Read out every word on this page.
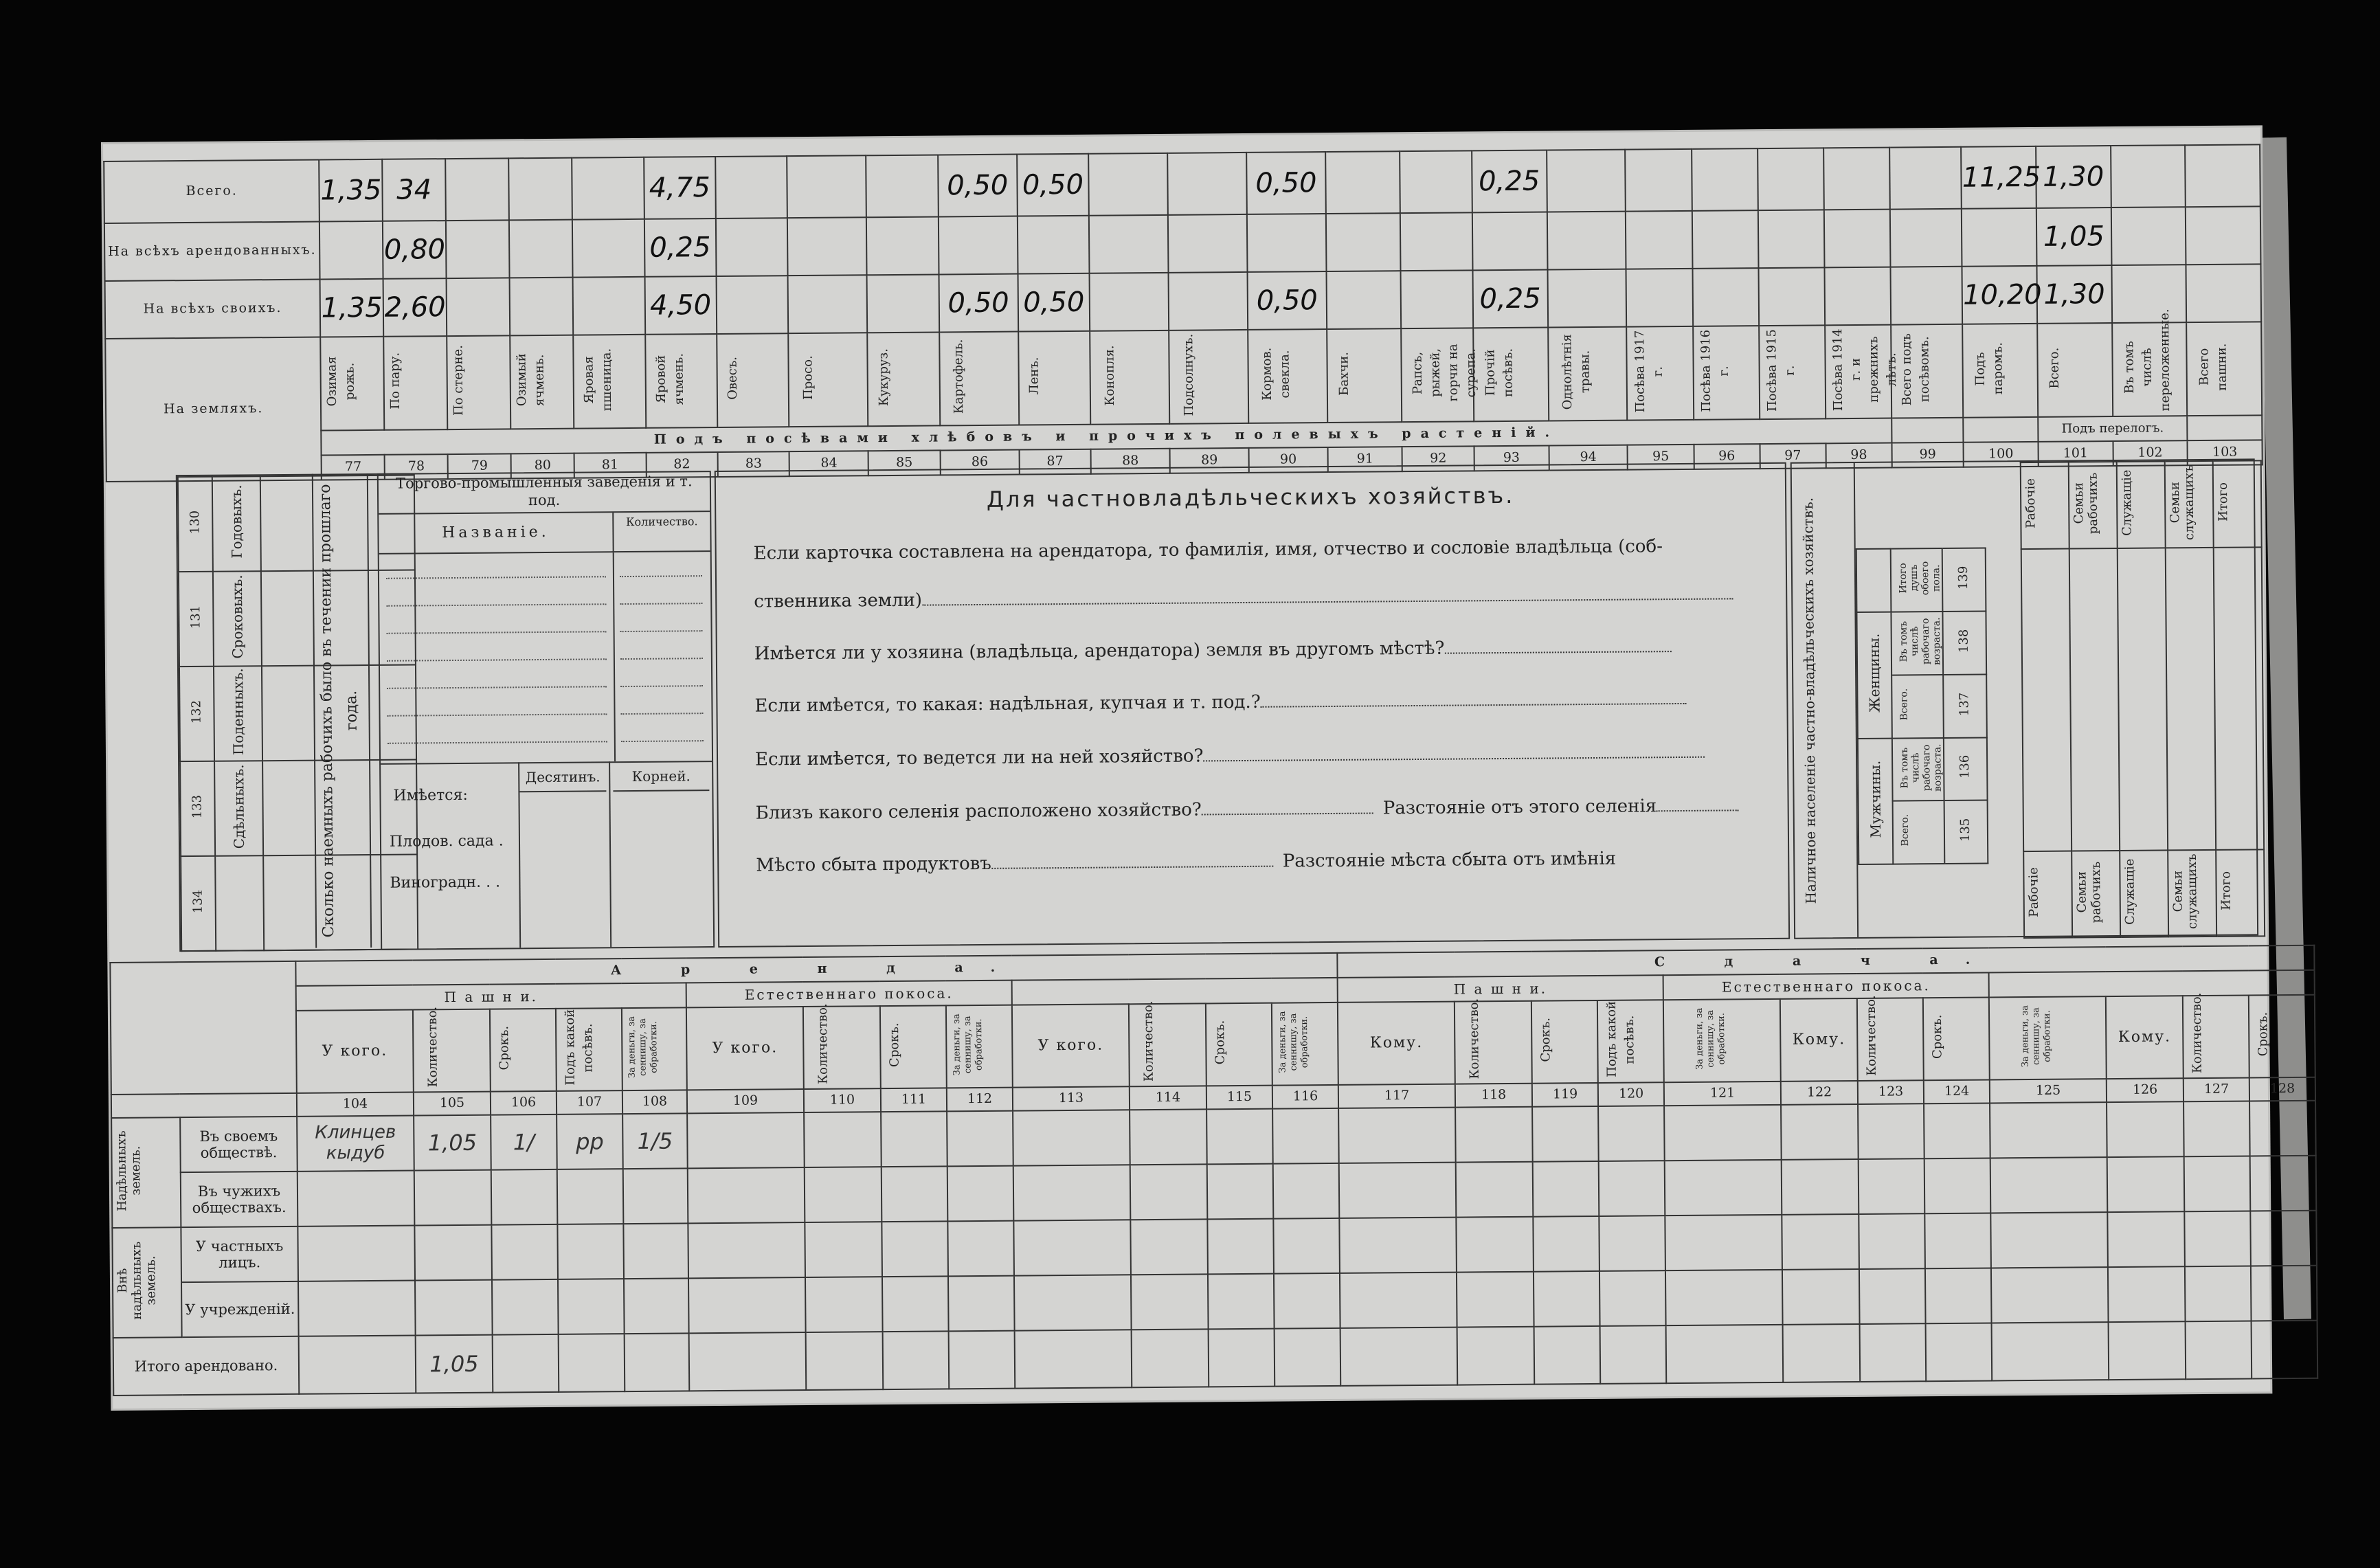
Всего.	1,35	34				4,75				0,50	0,50			0,50			0,25							11,25	1,30		
На всѣхъ арендованныхъ.		0,80				0,25																			1,05		
На всѣхъ своихъ.	1,35	2,60				4,50				0,50	0,50			0,50			0,25							10,20	1,30		
На земляхъ.	Озимая рожь.	По пару.	По стерне.	Озимый ячмень.	Яровая пшеница.	Яровой ячмень.	Овесъ.	Просо.	Кукуруз.	Картофель.	Ленъ.	Конопля.	Подсолнухъ.	Кормов. свекла.	Бахчи.	Рапсъ, рыжей, горчи на сурепа.	Прочій посѣвъ.	Однолѣтнія травы.	Посѣва 1917 г.	Посѣва 1916 г.	Посѣва 1915 г.	Посѣва 1914 г. и прежнихъ лѣтъ.	Всего подъ посѣвомъ.	Подъ паромъ.	Всего.	Въ томъ числѣ переложенные.	Всего пашни.
	Подъ посѣвами хлѣбовъ и прочихъ полевыхъ растеній.																								Подъ перелогъ.		
	77	78	79	80	81	82	83	84	85	86	87	88	89	90	91	92	93	94	95	96	97	98	99	100	101	102	103
130	Годовыхъ.	
131	Сроковыхъ.	
132	Поденныхъ.	
133	Сдѣльныхъ.	
134			Сколько наемныхъ рабочихъ было въ течении прошлаго года.
Торгово-промышленныя заведенія и т. под.
Названіе.
Количество.
Имѣется:
Десятинъ.	Корней.
Плодов. сада .
Виноградн. . .
Для частновладѣльческихъ хозяйствъ.
Если карточка составлена на арендатора, то фамилія, имя, отчество и сословіе владѣльца (соб-
ственника земли)
Имѣется ли у хозяина (владѣльца, арендатора) земля въ другомъ мѣстѣ?
Если имѣется, то какая: надѣльная, купчая и т. под.?
Если имѣется, то ведется ли на ней хозяйство?
Близъ какого селенія расположено хозяйство?	Разстояніе отъ этого селенія
Мѣсто сбыта продуктовъ	Разстояніе мѣста сбыта отъ имѣнія	Наличное населеніе частно-владѣльческихъ хозяйствъ.
		Итого душъ обоего пола.	139
Женщины.	Въ томъ числѣ рабочаго возраста.	138
	Всего.	137
Мужчины.	Въ томъ числѣ рабочаго возраста.	136
	Всего.	135
Рабочіе	Семьи рабочихъ	Служащіе	Семьи служащихъ	Итого

Рабочіе	Семьи рабочихъ	Служащіе	Семьи служащихъ	Итого
		А р е н д а.													С д а ч а.											
		П а ш н и.					Естественнаго покоса.								П а ш н и.				Естественнаго покоса.							
		У кого.	Количество.	Срокъ.	Подъ какой посѣвъ.	За деньги, за сеннишу, за обработки.	У кого.	Количество.	Срокъ.	За деньги, за сеннишу, за обработки.	У кого.	Количество.	Срокъ.	За деньги, за сеннишу, за обработки.	Кому.	Количество.	Срокъ.	Подъ какой посѣвъ.	За деньги, за сеннишу, за обработки.	Кому.	Количество.	Срокъ.	За деньги, за сеннишу, за обработки.	Кому.	Количество.	Срокъ.
		104	105	106	107	108	109	110	111	112	113	114	115	116	117	118	119	120	121	122	123	124	125	126	127	128
Надѣльныхъ земель.	Въ своемъ обществѣ.	Клинцев кыдуб	1,05	1/	рр	1/5																				
	Въ чужихъ обществахъ.																									
Внѣ надѣльныхъ земель.	У частныхъ лицъ.																									
	У учрежденій.																									
Итого арендовано.			1,05																							
